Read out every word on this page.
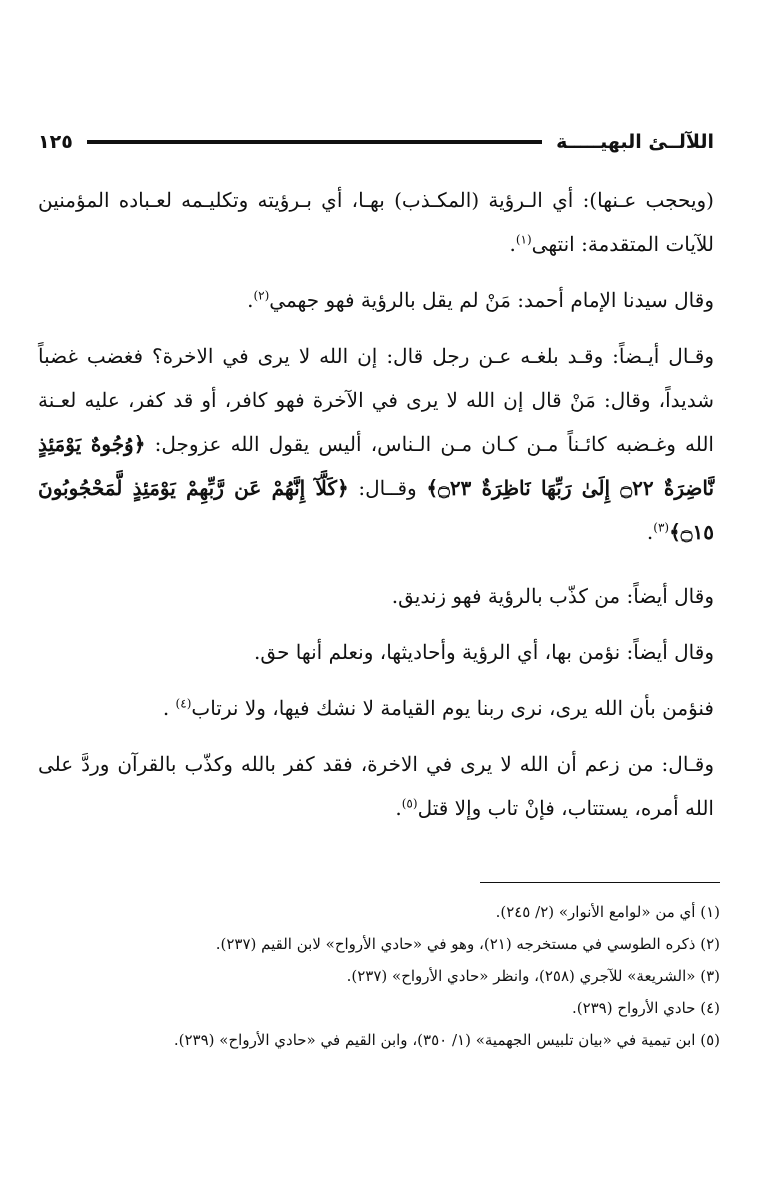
اللآلــئ البهيـــــة
١٢٥

(ويحجب عـنها): أي الـرؤية (المكـذب) بهـا، أي بـرؤيته وتكليـمه لعـباده المؤمنين للآيات المتقدمة: انتهى$^{(١)}$.

وقال سيدنا الإمام أحمد: مَنْ لم يقل بالرؤية فهو جهمي$^{(٢)}$.

وقـال أيـضاً: وقـد بلغـه عـن رجل قال: إن الله لا يرى في الاخرة؟ فغضب غضباً شديداً، وقال: مَنْ قال إن الله لا يرى في الآخرة فهو كافر، أو قد كفر، عليه لعـنة الله وغـضبه كائـناً مـن كـان مـن الـناس، أليس يقول الله عزوجل: ﴿وُجُوهٌ يَوْمَئِذٍ نَّاضِرَةٌ ۝٢٢ إِلَىٰ رَبِّهَا نَاظِرَةٌ ۝٢٣﴾ وقــال: ﴿كَلَّآ إِنَّهُمْ عَن رَّبِّهِمْ يَوْمَئِذٍ لَّمَحْجُوبُونَ ۝١٥﴾$^{(٣)}$.

وقال أيضاً: من كذّب بالرؤية فهو زنديق.

وقال أيضاً: نؤمن بها، أي الرؤية وأحاديثها، ونعلم أنها حق.

فنؤمن بأن الله يرى، نرى ربنا يوم القيامة لا نشك فيها، ولا نرتاب$^{(٤)}$ .

وقـال: من زعم أن الله لا يرى في الاخرة، فقد كفر بالله وكذّب بالقرآن وردَّ على الله أمره، يستتاب، فإنْ تاب وإلا قتل$^{(٥)}$.

(١) أي من «لوامع الأنوار» (٢/ ٢٤٥).

(٢) ذكره الطوسي في مستخرجه (٢١)، وهو في «حادي الأرواح» لابن القيم (٢٣٧).

(٣) «الشريعة» للآجري (٢٥٨)، وانظر «حادي الأرواح» (٢٣٧).

(٤) حادي الأرواح (٢٣٩).

(٥) ابن تيمية في «بيان تلبيس الجهمية» (١/ ٣٥٠)، وابن القيم في «حادي الأرواح» (٢٣٩).
